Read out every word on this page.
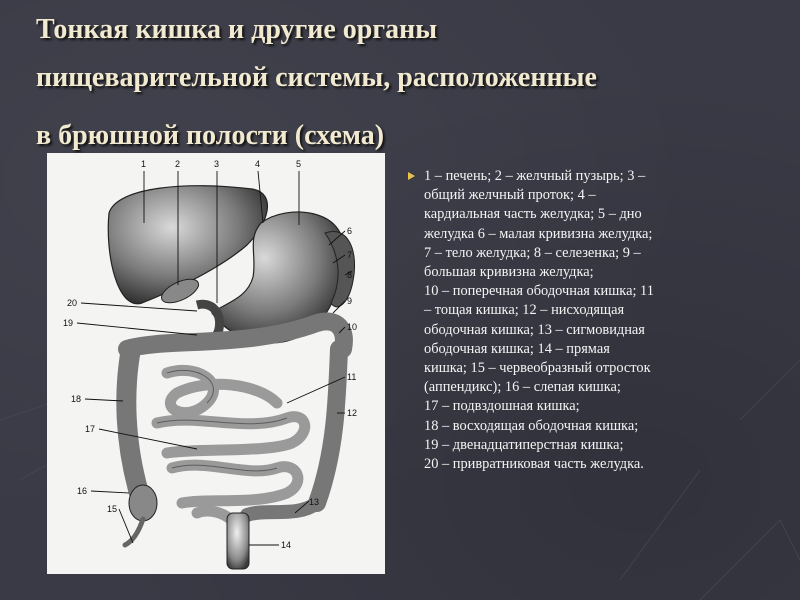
Тонкая кишка и другие органы
пищеварительной системы, расположенные
в брюшной полости (схема)
1	2	3	4	5
6
7
8
9
10
11
12
13
14
15
16
17
18
19
20

1 – печень; 2 – желчный пузырь; 3 –

общий желчный проток; 4 –

кардиальная часть желудка; 5 – дно

желудка 6 – малая кривизна желудка;

7 – тело желудка; 8 – селезенка; 9 –

большая кривизна желудка;

10 – поперечная ободочная кишка; 11

– тощая кишка; 12 – нисходящая

ободочная кишка; 13 – сигмовидная

ободочная кишка; 14 – прямая

кишка; 15 – червеобразный отросток

(аппендикс); 16 – слепая кишка;

17 – подвздошная кишка;

18 – восходящая ободочная кишка;

19 – двенадцатиперстная кишка;

20 – привратниковая часть желудка.
